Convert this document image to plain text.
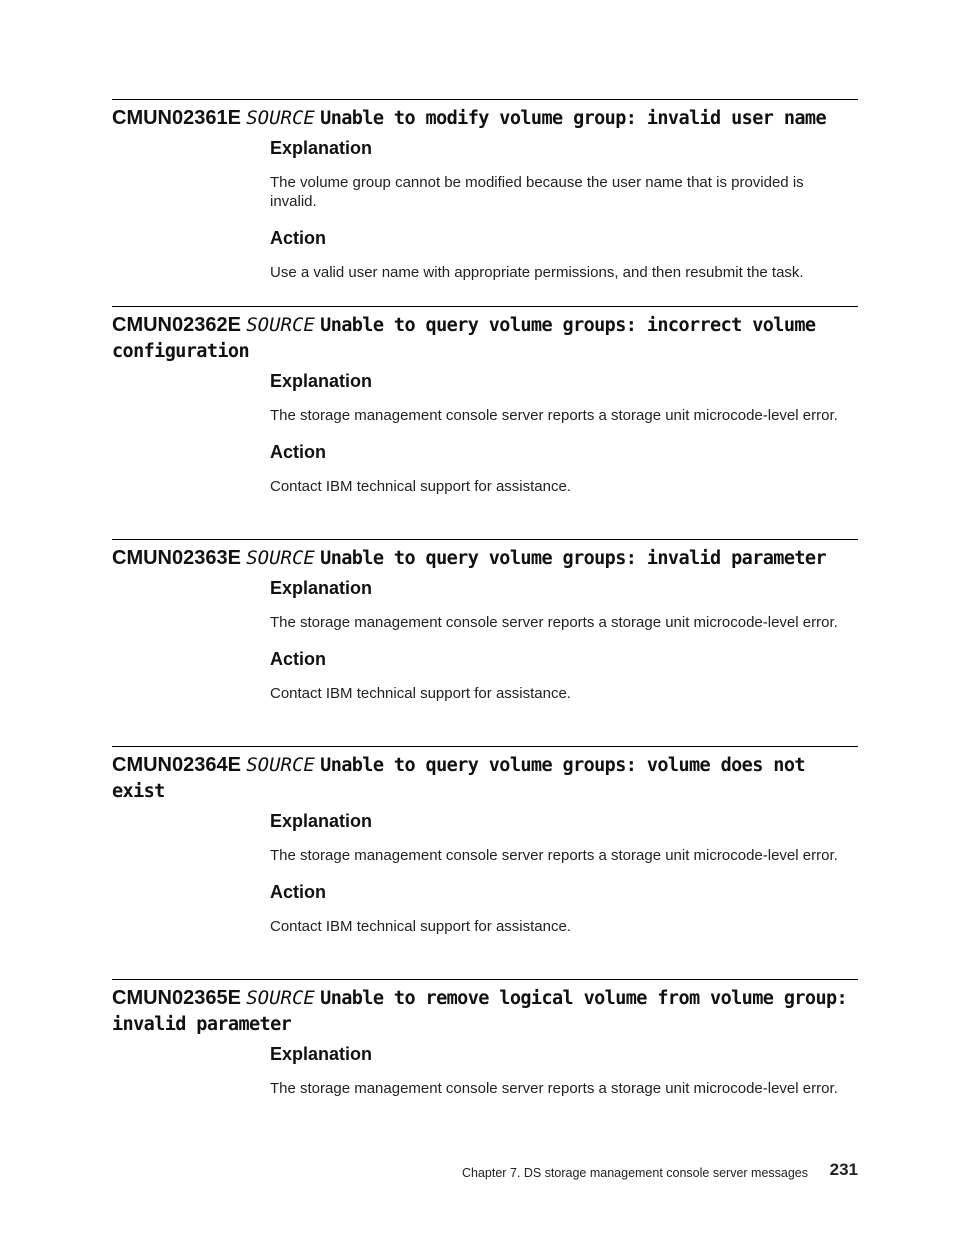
CMUN02361E SOURCE Unable to modify volume group: invalid user name
Explanation
The volume group cannot be modified because the user name that is provided is invalid.
Action
Use a valid user name with appropriate permissions, and then resubmit the task.
CMUN02362E SOURCE Unable to query volume groups: incorrect volume configuration
Explanation
The storage management console server reports a storage unit microcode-level error.
Action
Contact IBM technical support for assistance.
CMUN02363E SOURCE Unable to query volume groups: invalid parameter
Explanation
The storage management console server reports a storage unit microcode-level error.
Action
Contact IBM technical support for assistance.
CMUN02364E SOURCE Unable to query volume groups: volume does not exist
Explanation
The storage management console server reports a storage unit microcode-level error.
Action
Contact IBM technical support for assistance.
CMUN02365E SOURCE Unable to remove logical volume from volume group: invalid parameter
Explanation
The storage management console server reports a storage unit microcode-level error.
Chapter 7. DS storage management console server messages 231
